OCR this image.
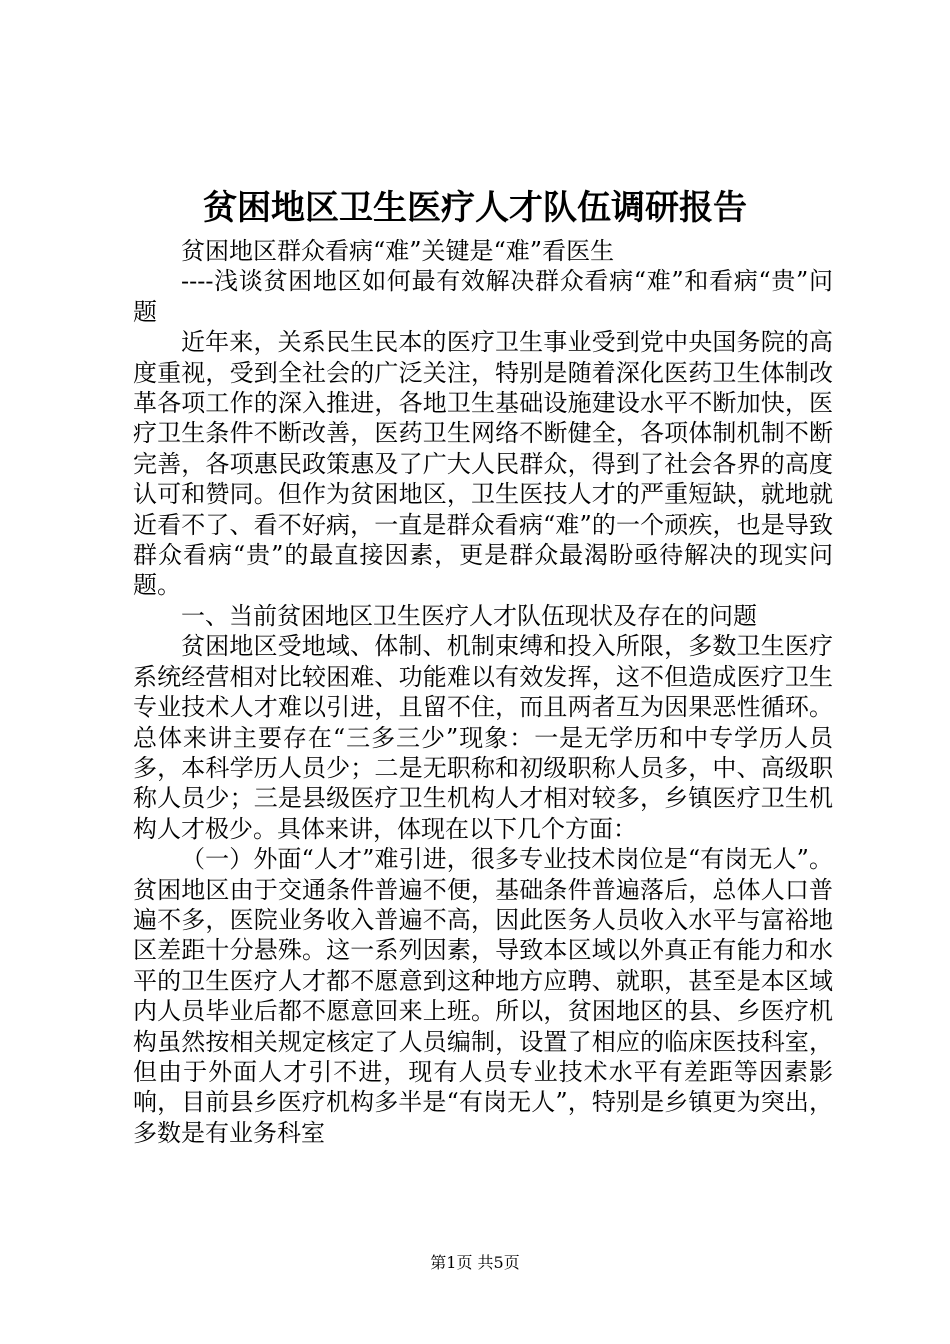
贫困地区卫生医疗人才队伍调研报告

贫困地区群众看病“难”关键是“难”看医生

----浅谈贫困地区如何最有效解决群众看病“难”和看病“贵”问题

近年来，关系民生民本的医疗卫生事业受到党中央国务院的高度重视，受到全社会的广泛关注，特别是随着深化医药卫生体制改革各项工作的深入推进，各地卫生基础设施建设水平不断加快，医疗卫生条件不断改善，医药卫生网络不断健全，各项体制机制不断完善，各项惠民政策惠及了广大人民群众，得到了社会各界的高度认可和赞同。但作为贫困地区，卫生医技人才的严重短缺，就地就近看不了、看不好病，一直是群众看病“难”的一个顽疾，也是导致群众看病“贵”的最直接因素，更是群众最渴盼亟待解决的现实问题。

一、当前贫困地区卫生医疗人才队伍现状及存在的问题

贫困地区受地域、体制、机制束缚和投入所限，多数卫生医疗系统经营相对比较困难、功能难以有效发挥，这不但造成医疗卫生专业技术人才难以引进，且留不住，而且两者互为因果恶性循环。总体来讲主要存在“三多三少”现象：一是无学历和中专学历人员多，本科学历人员少；二是无职称和初级职称人员多，中、高级职称人员少；三是县级医疗卫生机构人才相对较多，乡镇医疗卫生机构人才极少。具体来讲，体现在以下几个方面：

（一）外面“人才”难引进，很多专业技术岗位是“有岗无人”。贫困地区由于交通条件普遍不便，基础条件普遍落后，总体人口普遍不多，医院业务收入普遍不高，因此医务人员收入水平与富裕地区差距十分悬殊。这一系列因素，导致本区域以外真正有能力和水平的卫生医疗人才都不愿意到这种地方应聘、就职，甚至是本区域内人员毕业后都不愿意回来上班。所以，贫困地区的县、乡医疗机构虽然按相关规定核定了人员编制，设置了相应的临床医技科室，但由于外面人才引不进，现有人员专业技术水平有差距等因素影响，目前县乡医疗机构多半是“有岗无人”，特别是乡镇更为突出，多数是有业务科室

第1页 共5页
